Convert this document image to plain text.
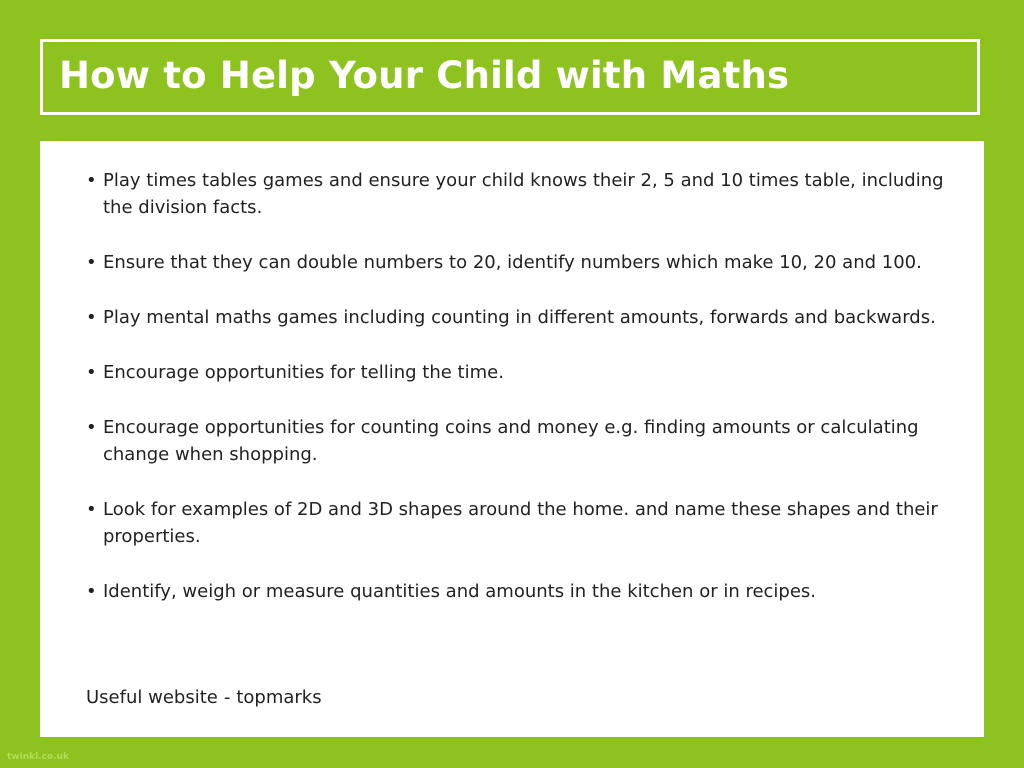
How to Help Your Child with Maths
• Play times tables games and ensure your child knows their 2, 5 and 10 times table, including the division facts.
• Ensure that they can double numbers to 20, identify numbers which make 10, 20 and 100.
• Play mental maths games including counting in different amounts, forwards and backwards.
• Encourage opportunities for telling the time.
• Encourage opportunities for counting coins and money e.g. finding amounts or calculating change when shopping.
• Look for examples of 2D and 3D shapes around the home. and name these shapes and their properties.
• Identify, weigh or measure quantities and amounts in the kitchen or in recipes.
Useful website - topmarks
twinkl.co.uk
